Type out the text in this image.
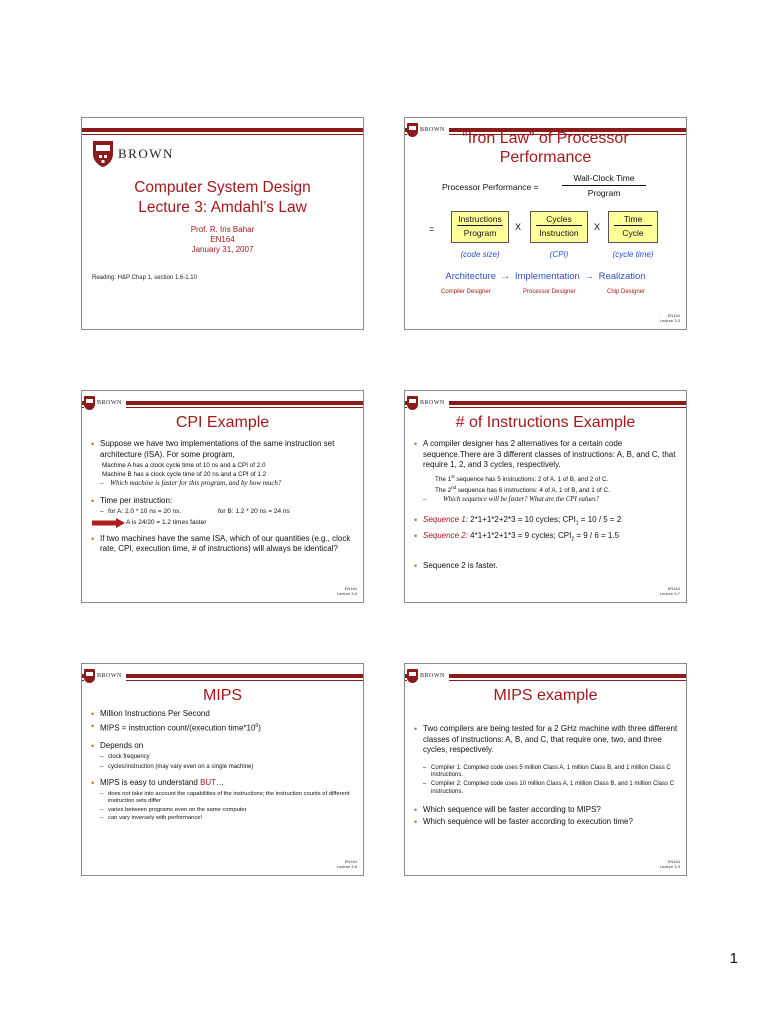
BROWN
Computer System Design
Lecture 3: Amdahl’s Law
Prof. R. Iris Bahar
EN164
January 31, 2007
Reading: H&P Chap 1, section 1.6-1.10
BROWN	“Iron Law” of Processor
Performance
Processor Performance =
Wall-Clock Time
Program
=
Instructions
Program
X
Cycles
Instruction
X
Time
Cycle
(code size)	(CPI)	(cycle time)
Architecture → Implementation → Realization
Compiler Designer	Processor Designer	Chip Designer
EN164
Lecture 3-3
BROWN
CPI Example
• Suppose we have two implementations of the same instruction set architecture (ISA). For some program,
Machine A has a clock cycle time of 10 ns and a CPI of 2.0
Machine B has a clock cycle time of 20 ns and a CPI of 1.2
– Which machine is faster for this program, and by how much?
• Time per instruction:
– for A: 2.0 * 10 ns = 20 ns.	for B: 1.2 * 20 ns = 24 ns
A is 24/20 = 1.2 times faster
• If two machines have the same ISA, which of our quantities (e.g., clock rate, CPI, execution time, # of instructions) will always be identical?
EN164
Lecture 3-5
BROWN
# of Instructions Example
• A compiler designer has 2 alternatives for a certain code sequence.There are 3 different classes of instructions: A, B, and C, that require 1, 2, and 3 cycles, respectively.
The 1st sequence has 5 instructions: 2 of A, 1 of B, and 2 of C.
The 2nd sequence has 6 instructions: 4 of A, 1 of B, and 1 of C.
– Which sequence will be faster? What are the CPI values?
• Sequence 1: 2*1+1*2+2*3 = 10 cycles; $CPI_1 = 10 / 5 = 2$
• Sequence 2: 4*1+1*2+1*3 = 9 cycles; $CPI_2 = 9 / 6 = 1.5$
• Sequence 2 is faster.
EN164
Lecture 3-7
BROWN
MIPS
• Million Instructions Per Second
• MIPS = instruction count/(execution $time*10^6$)
• Depends on
– clock frequency
– cycles/instruction (may vary even on a single machine)
• MIPS is easy to understand BUT…
– does not take into account the capabilities of the instructions; the instruction counts of different instruction sets differ
– varies between programs even on the same computer
– can vary inversely with performance!
EN164
Lecture 3-8
BROWN
MIPS example
• Two compilers are being tested for a 2 GHz machine with three different classes of instructions: A, B, and C, that require one, two, and three cycles, respectively.
– Compiler 1: Compiled code uses 5 million Class A, 1 million Class B, and 1 million Class C instructions.
– Compiler 2: Compiled code uses 10 million Class A, 1 million Class B, and 1 million Class C instructions.
• Which sequence will be faster according to MIPS?
• Which sequence will be faster according to execution time?
EN164
Lecture 3-9
1
